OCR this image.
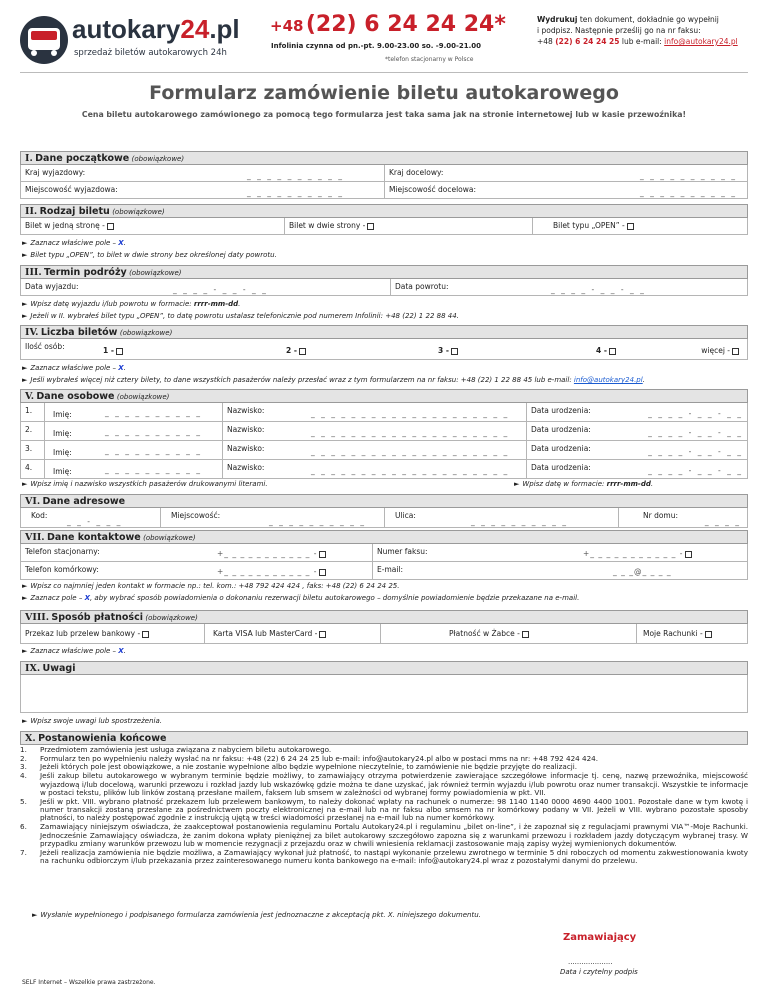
autokary24.pl
sprzedaż biletów autokarowych 24h
+48 (22) 6 24 24 24*
Infolinia czynna od pn.-pt. 9.00-23.00 so. -9.00-21.00
*telefon stacjonarny w Polsce
Wydrukuj ten dokument, dokładnie go wypełnij
i podpisz. Następnie prześlij go na nr faksu:
+48 (22) 6 24 24 25 lub e-mail: info@autokary24.pl
Formularz zamówienie biletu autokarowego
Cena biletu autokarowego zamówionego za pomocą tego formularza jest taka sama jak na stronie internetowej lub w kasie przewoźnika!
I. Dane początkowe (obowiązkowe)
Kraj wyjazdowy:	_ _ _ _ _ _ _ _ _ _	Kraj docelowy:	_ _ _ _ _ _ _ _ _ _
Miejscowość wyjazdowa:	_ _ _ _ _ _ _ _ _ _	Miejscowość docelowa:	_ _ _ _ _ _ _ _ _ _
II. Rodzaj biletu (obowiązkowe)
Bilet w jedną stronę -	Bilet w dwie strony -	Bilet typu „OPEN” -
► Zaznacz właściwe pole – X.
► Bilet typu „OPEN”, to bilet w dwie strony bez określonej daty powrotu.
III. Termin podróży (obowiązkowe)
Data wyjazdu:	_ _ _ _ - _ _ - _ _	Data powrotu:	_ _ _ _ - _ _ - _ _
► Wpisz datę wyjazdu i/lub powrotu w formacie: rrrr-mm-dd.
► Jeżeli w II. wybrałeś bilet typu „OPEN”, to datę powrotu ustalasz telefonicznie pod numerem Infolinii: +48 (22) 1 22 88 44.
IV. Liczba biletów (obowiązkowe)
Ilość osób:	1 -	2 -	3 -	4 -	więcej -
► Zaznacz właściwe pole – X.
► Jeśli wybrałeś więcej niż cztery bilety, to dane wszystkich pasażerów należy przesłać wraz z tym formularzem na nr faksu: +48 (22) 1 22 88 45 lub e-mail: info@autokary24.pl.
V. Dane osobowe (obowiązkowe)
1.	Imię:	_ _ _ _ _ _ _ _ _ _	Nazwisko:	_ _ _ _ _ _ _ _ _ _ _ _ _ _ _ _ _ _ _ _	Data urodzenia:	_ _ _ _ - _ _ - _ _
2.	Imię:	_ _ _ _ _ _ _ _ _ _	Nazwisko:	_ _ _ _ _ _ _ _ _ _ _ _ _ _ _ _ _ _ _ _	Data urodzenia:	_ _ _ _ - _ _ - _ _
3.	Imię:	_ _ _ _ _ _ _ _ _ _	Nazwisko:	_ _ _ _ _ _ _ _ _ _ _ _ _ _ _ _ _ _ _ _	Data urodzenia:	_ _ _ _ - _ _ - _ _
4.	Imię:	_ _ _ _ _ _ _ _ _ _	Nazwisko:	_ _ _ _ _ _ _ _ _ _ _ _ _ _ _ _ _ _ _ _	Data urodzenia:	_ _ _ _ - _ _ - _ _
► Wpisz imię i nazwisko wszystkich pasażerów drukowanymi literami.	► Wpisz datę w formacie: rrrr-mm-dd.
VI. Dane adresowe
Kod:
_ _ - _ _ _
Miejscowość:
_ _ _ _ _ _ _ _ _ _
Ulica:
_ _ _ _ _ _ _ _ _ _
Nr domu:
_ _ _ _
VII. Dane kontaktowe (obowiązkowe)
Telefon stacjonarny:	+_ _ _ _ _ _ _ _ _ _ _ -	Numer faksu:	+_ _ _ _ _ _ _ _ _ _ _ -
Telefon komórkowy:	+_ _ _ _ _ _ _ _ _ _ _ -	E-mail:	_ _ _@_ _ _ _
► Wpisz co najmniej jeden kontakt w formacie np.: tel. kom.: +48 792 424 424 , faks: +48 (22) 6 24 24 25.
► Zaznacz pole – X, aby wybrać sposób powiadomienia o dokonaniu rezerwacji biletu autokarowego – domyślnie powiadomienie będzie przekazane na e-mail.
VIII. Sposób płatności (obowiązkowe)
Przekaz lub przelew bankowy -	Karta VISA lub MasterCard -	Płatność w Żabce -	Moje Rachunki -
► Zaznacz właściwe pole – X.
IX. Uwagi
► Wpisz swoje uwagi lub spostrzeżenia.
X. Postanowienia końcowe
1.	Przedmiotem zamówienia jest usługa związana z nabyciem biletu autokarowego.
2.	Formularz ten po wypełnieniu należy wysłać na nr faksu: +48 (22) 6 24 24 25 lub e-mail: info@autokary24.pl albo w postaci mms na nr: +48 792 424 424.
3.	Jeżeli których pole jest obowiązkowe, a nie zostanie wypełnione albo będzie wypełnione nieczytelnie, to zamówienie nie będzie przyjęte do realizacji.
4.	Jeśli zakup biletu autokarowego w wybranym terminie będzie możliwy, to zamawiający otrzyma potwierdzenie zawierające szczegółowe informacje tj. cenę, nazwę przewoźnika, miejscowość wyjazdową i/lub docelową, warunki przewozu i rozkład jazdy lub wskazówkę gdzie można te dane uzyskać, jak również termin wyjazdu i/lub powrotu oraz numer transakcji. Wszystkie te informacje w postaci tekstu, plików lub linków zostaną przesłane mailem, faksem lub smsem w zależności od wybranej formy powiadomienia w pkt. VII.
5.	Jeśli w pkt. VIII. wybrano płatność przekazem lub przelewem bankowym, to należy dokonać wpłaty na rachunek o numerze: 98 1140 1140 0000 4690 4400 1001. Pozostałe dane w tym kwotę i numer transakcji zostaną przesłane za pośrednictwem poczty elektronicznej na e-mail lub na nr faksu albo smsem na nr komórkowy podany w VII. Jeżeli w VIII. wybrano pozostałe sposoby płatności, to należy postępować zgodnie z instrukcją ujętą w treści wiadomości przesłanej na e-mail lub na numer komórkowy.
6.	Zamawiający niniejszym oświadcza, że zaakceptował postanowienia regulaminu Portalu Autokary24.pl i regulaminu „bilet on-line”, i że zapoznał się z regulacjami prawnymi VIA™-Moje Rachunki. Jednocześnie Zamawiający oświadcza, że zanim dokona wpłaty pieniężnej za bilet autokarowy szczegółowo zapozna się z warunkami przewozu i rozkładem jazdy dotyczącym wybranej trasy. W przypadku zmiany warunków przewozu lub w momencie rezygnacji z przejazdu oraz w chwili wniesienia reklamacji zastosowanie mają zapisy wyżej wymienionych dokumentów.
7.	Jeżeli realizacja zamówienia nie będzie możliwa, a Zamawiający wykonał już płatność, to nastąpi wykonanie przelewu zwrotnego w terminie 5 dni roboczych od momentu zakwestionowania kwoty na rachunku odbiorczym i/lub przekazania przez zainteresowanego numeru konta bankowego na e-mail: info@autokary24.pl wraz z pozostałymi danymi do przelewu.
► Wysłanie wypełnionego i podpisanego formularza zamówienia jest jednoznaczne z akceptacją pkt. X. niniejszego dokumentu.
Zamawiający
....................
Data i czytelny podpis
SELF Internet – Wszelkie prawa zastrzeżone.
